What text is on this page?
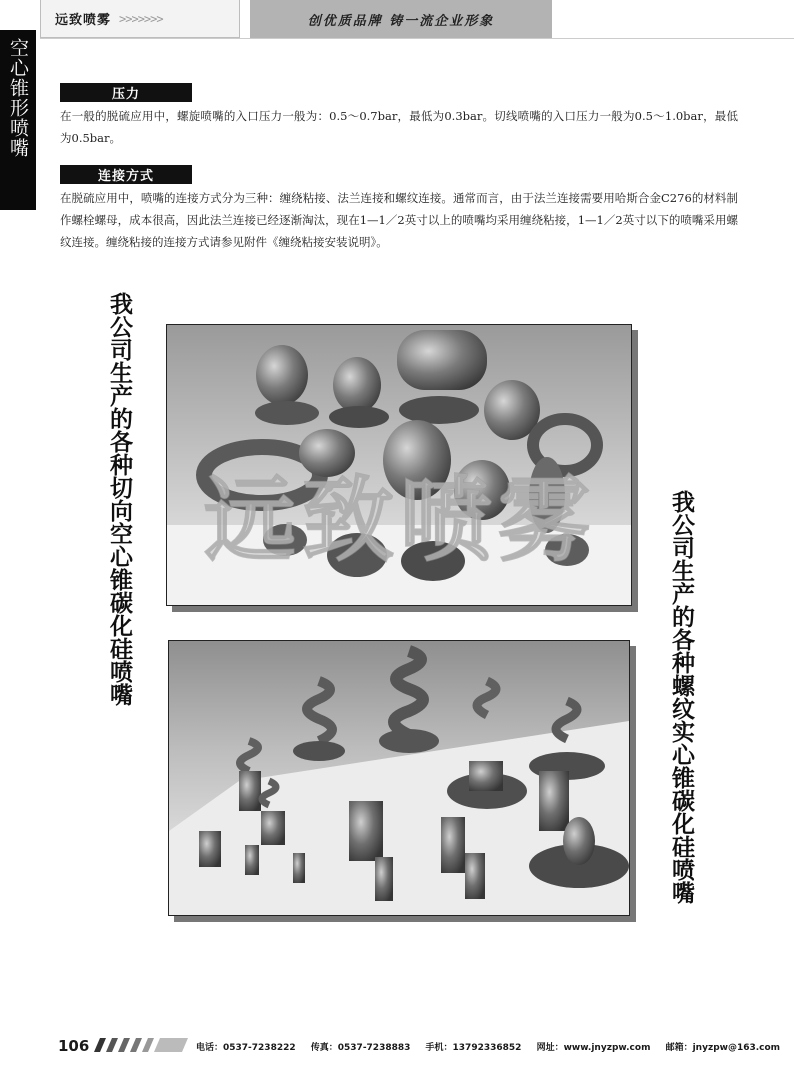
远致喷雾 >>>>>>>	创优质品牌 铸一流企业形象
空心锥形喷嘴	压力

在一般的脱硫应用中，螺旋喷嘴的入口压力一般为：0.5～0.7bar，最低为0.3bar。切线喷嘴的入口压力一般为0.5～1.0bar，最低为0.5bar。

连接方式

在脱硫应用中，喷嘴的连接方式分为三种：缠绕粘接、法兰连接和螺纹连接。通常而言，由于法兰连接需要用哈斯合金C276的材料制作螺栓螺母，成本很高，因此法兰连接已经逐渐淘汰，现在1—1／2英寸以上的喷嘴均采用缠绕粘接，1—1／2英寸以下的喷嘴采用螺纹连接。缠绕粘接的连接方式请参见附件《缠绕粘接安装说明》。

我公司生产的各种切向空心锥碳化硅喷嘴 远致喷雾	我公司生产的各种螺纹实心锥碳化硅喷嘴
106	电话：0537-7238222 传真：0537-7238883 手机：13792336852 网址：www.jnyzpw.com 邮箱：jnyzpw@163.com
